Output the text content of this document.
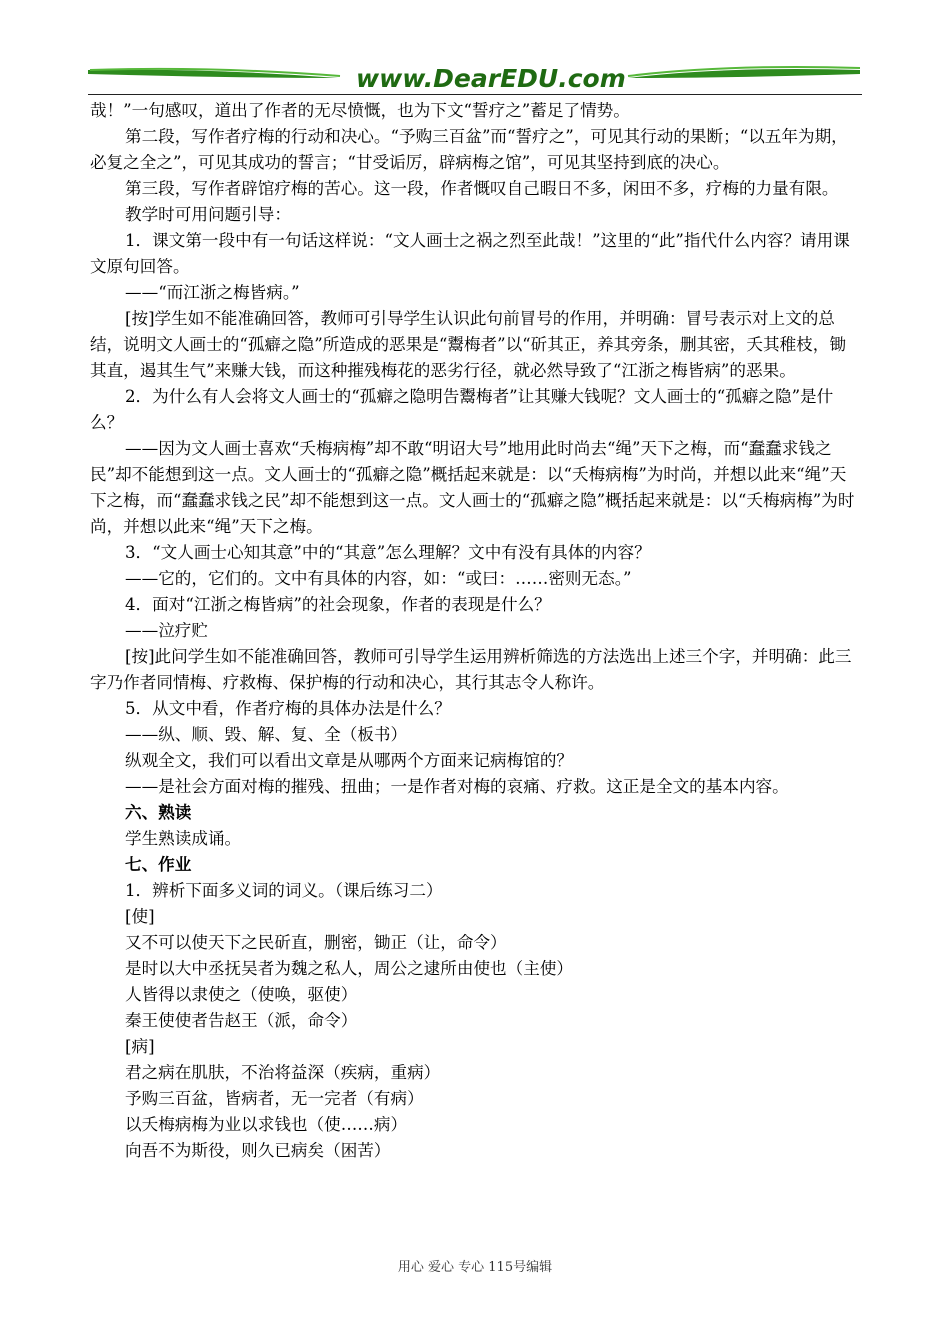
www.DearEDU.com

哉！”一句感叹，道出了作者的无尽愤慨，也为下文“誓疗之”蓄足了情势。

第二段，写作者疗梅的行动和决心。“予购三百盆”而“誓疗之”，可见其行动的果断；“以五年为期，必复之全之”，可见其成功的誓言；“甘受诟厉，辟病梅之馆”，可见其坚持到底的决心。

第三段，写作者辟馆疗梅的苦心。这一段，作者慨叹自己暇日不多，闲田不多，疗梅的力量有限。

教学时可用问题引导：

1．课文第一段中有一句话这样说：“文人画士之祸之烈至此哉！”这里的“此”指代什么内容？请用课文原句回答。

——“而江浙之梅皆病。”

[按]学生如不能准确回答，教师可引导学生认识此句前冒号的作用，并明确：冒号表示对上文的总结，说明文人画士的“孤癖之隐”所造成的恶果是“鬻梅者”以“斫其正，养其旁条，删其密，夭其稚枝，锄其直，遏其生气”来赚大钱，而这种摧残梅花的恶劣行径，就必然导致了“江浙之梅皆病”的恶果。

2．为什么有人会将文人画士的“孤癖之隐明告鬻梅者”让其赚大钱呢？文人画士的“孤癖之隐”是什么？

——因为文人画士喜欢“夭梅病梅”却不敢“明诏大号”地用此时尚去“绳”天下之梅，而“蠢蠢求钱之民”却不能想到这一点。文人画士的“孤癖之隐”概括起来就是：以“夭梅病梅”为时尚，并想以此来“绳”天下之梅，而“蠢蠢求钱之民”却不能想到这一点。文人画士的“孤癖之隐”概括起来就是：以“夭梅病梅”为时尚，并想以此来“绳”天下之梅。

3．“文人画士心知其意”中的“其意”怎么理解？文中有没有具体的内容？

——它的，它们的。文中有具体的内容，如：“或曰：……密则无态。”

4．面对“江浙之梅皆病”的社会现象，作者的表现是什么？

——泣疗贮

[按]此问学生如不能准确回答，教师可引导学生运用辨析筛选的方法选出上述三个字，并明确：此三字乃作者同情梅、疗救梅、保护梅的行动和决心，其行其志令人称许。

5．从文中看，作者疗梅的具体办法是什么？

——纵、顺、毁、解、复、全（板书）

纵观全文，我们可以看出文章是从哪两个方面来记病梅馆的？

——是社会方面对梅的摧残、扭曲；一是作者对梅的哀痛、疗救。这正是全文的基本内容。

六、熟读

学生熟读成诵。

七、作业

1．辨析下面多义词的词义。（课后练习二）

[使]

又不可以使天下之民斫直，删密，锄正（让，命令）

是时以大中丞抚吴者为魏之私人，周公之逮所由使也（主使）

人皆得以隶使之（使唤，驱使）

秦王使使者告赵王（派，命令）

[病]

君之病在肌肤，不治将益深（疾病，重病）

予购三百盆，皆病者，无一完者（有病）

以夭梅病梅为业以求钱也（使……病）

向吾不为斯役，则久已病矣（困苦）

用心 爱心 专心 115号编辑
